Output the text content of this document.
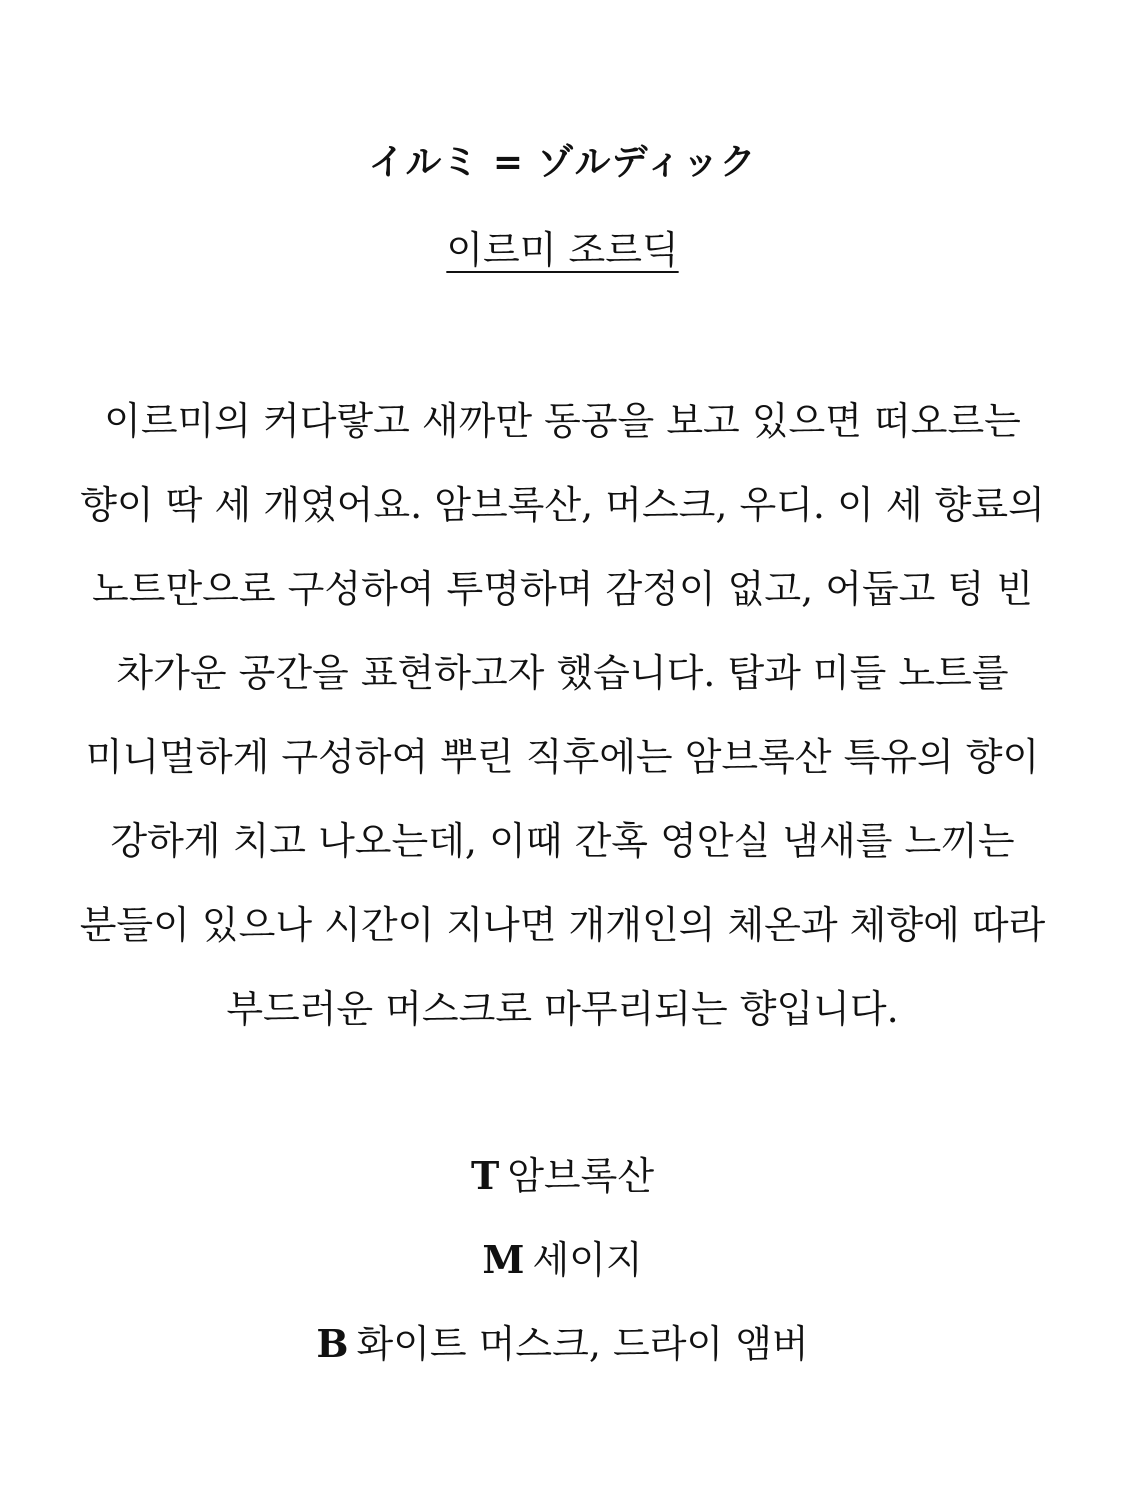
イルミ = ゾルディック
이르미 조르딕
이르미의 커다랗고 새까만 동공을 보고 있으면 떠오르는
향이 딱 세 개였어요. 암브록산, 머스크, 우디. 이 세 향료의
노트만으로 구성하여 투명하며 감정이 없고, 어둡고 텅 빈
차가운 공간을 표현하고자 했습니다. 탑과 미들 노트를
미니멀하게 구성하여 뿌린 직후에는 암브록산 특유의 향이
강하게 치고 나오는데, 이때 간혹 영안실 냄새를 느끼는
분들이 있으나 시간이 지나면 개개인의 체온과 체향에 따라
부드러운 머스크로 마무리되는 향입니다.
T 암브록산
M 세이지
B 화이트 머스크, 드라이 앰버
